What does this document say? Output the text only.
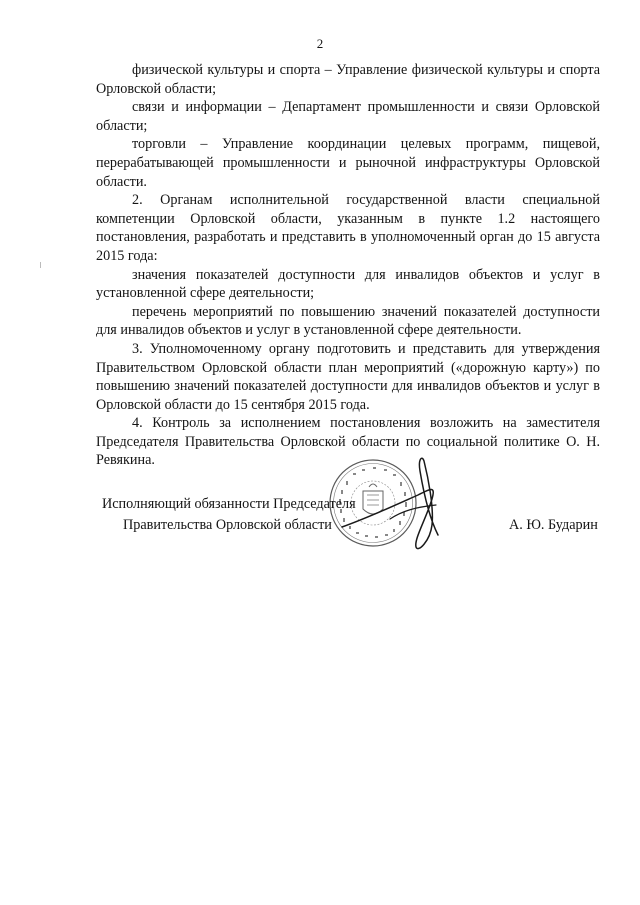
2

физической культуры и спорта – Управление физической культуры и спорта Орловской области;

связи и информации – Департамент промышленности и связи Орловской области;

торговли – Управление координации целевых программ, пищевой, перерабатывающей промышленности и рыночной инфраструктуры Орловской области.

2. Органам исполнительной государственной власти специальной компетенции Орловской области, указанным в пункте 1.2 настоящего постановления, разработать и представить в уполномоченный орган до 15 августа 2015 года:

значения показателей доступности для инвалидов объектов и услуг в установленной сфере деятельности;

перечень мероприятий по повышению значений показателей доступности для инвалидов объектов и услуг в установленной сфере деятельности.

3. Уполномоченному органу подготовить и представить для утверждения Правительством Орловской области план мероприятий («дорожную карту») по повышению значений показателей доступности для инвалидов объектов и услуг в Орловской области до 15 сентября 2015 года.

4. Контроль за исполнением постановления возложить на заместителя Председателя Правительства Орловской области по социальной политике О. Н. Ревякина.

Исполняющий обязанности Председателя
Правительства Орловской области	А. Ю. Бударин
